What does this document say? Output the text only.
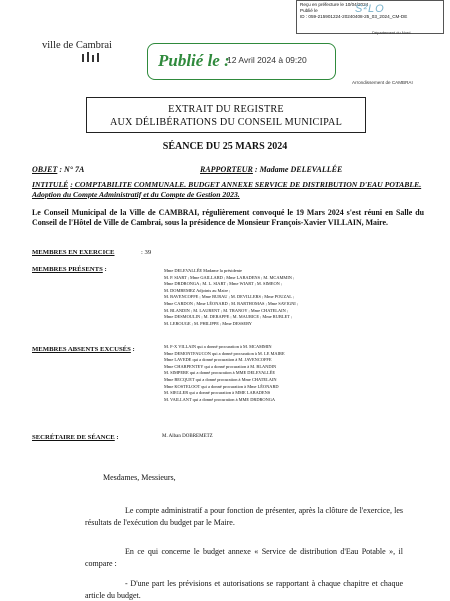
Reçu en préfecture le 10/04/2024
Publié le
ID : 059-215901224-20240408-25_03_2024_CM-DE
S²LO
Département du Nord
ville de Cambrai
Publié le :
12 Avril 2024 à 09:20
Arrondissement de CAMBRAI
EXTRAIT DU REGISTRE
AUX DÉLIBÉRATIONS DU CONSEIL MUNICIPAL
SÉANCE DU 25 MARS 2024
OBJET : N° 7A	RAPPORTEUR : Madame DELEVALLÉE
INTITULÉ : COMPTABILITE COMMUNALE. BUDGET ANNEXE SERVICE DE DISTRIBUTION D'EAU POTABLE. Adoption du Compte Administratif et du Compte de Gestion 2023.
Le Conseil Municipal de la Ville de CAMBRAI, régulièrement convoqué le 19 Mars 2024 s'est réuni en Salle du Conseil de l'Hôtel de Ville de Cambrai, sous la présidence de Monsieur François-Xavier VILLAIN, Maire.
MEMBRES EN EXERCICE	: 39
MEMBRES PRÉSENTS :	Mme DELEVALLÉE Madame la présidente
M. P. SIART ; Mme GAILLARD ; Mme LABADENS ; M. MCAMMIN ;
Mme DRDRONGA ; M. L. SIART ; Mme WIART ; M. SIMEON ;
M. DOMBEMEZ Adjoints au Maire ;
M. BAVENCOFFE ; Mme BURAU ; M. DEVILLERS ; Mme POUZAL ;
Mme CARDON ; Mme LÉONARD ; M. BARTHOMAS ; Mme SAVIGNI ;
M. BLANDIN ; M. LAURENT ; M. TRANOY ; Mme CHATELAIN ;
Mme DESMOULIN ; M. DERAPPE ; M. MAURICE ; Mme RUBLET ;
M. LEROUGE ; M. PHILIPPE ; Mme DESSERY
MEMBRES ABSENTS EXCUSÉS :	M. F-X VILLAIN qui a donné procuration à M. MCAMMIN
Mme DEMONTFAUCON qui a donné procuration à M. LE MAIRE
Mme LAVEDE qui a donné procuration à M. JAVENCOFFE
Mme CHARPENTEY qui a donné procuration à M. BLANDIN
M. SIMPERE qui a donné procuration à MME DELEVALLÉE
Mme BECQUET qui a donné procuration à Mme CHATELAIN
Mme KOSTELOOT qui a donné procuration à Mme LÉONARD
M. SIEGLER qui a donné procuration à MME LABADENS
M. VAILLANT qui a donné procuration à MME DRDRONGA
SECRÉTAIRE DE SÉANCE :	M. Alban DOBREMETZ
Mesdames, Messieurs,
Le compte administratif a pour fonction de présenter, après la clôture de l'exercice, les résultats de l'exécution du budget par le Maire.
En ce qui concerne le budget annexe « Service de distribution d'Eau Potable », il compare :
- D'une part les prévisions et autorisations se rapportant à chaque chapitre et chaque article du budget.
